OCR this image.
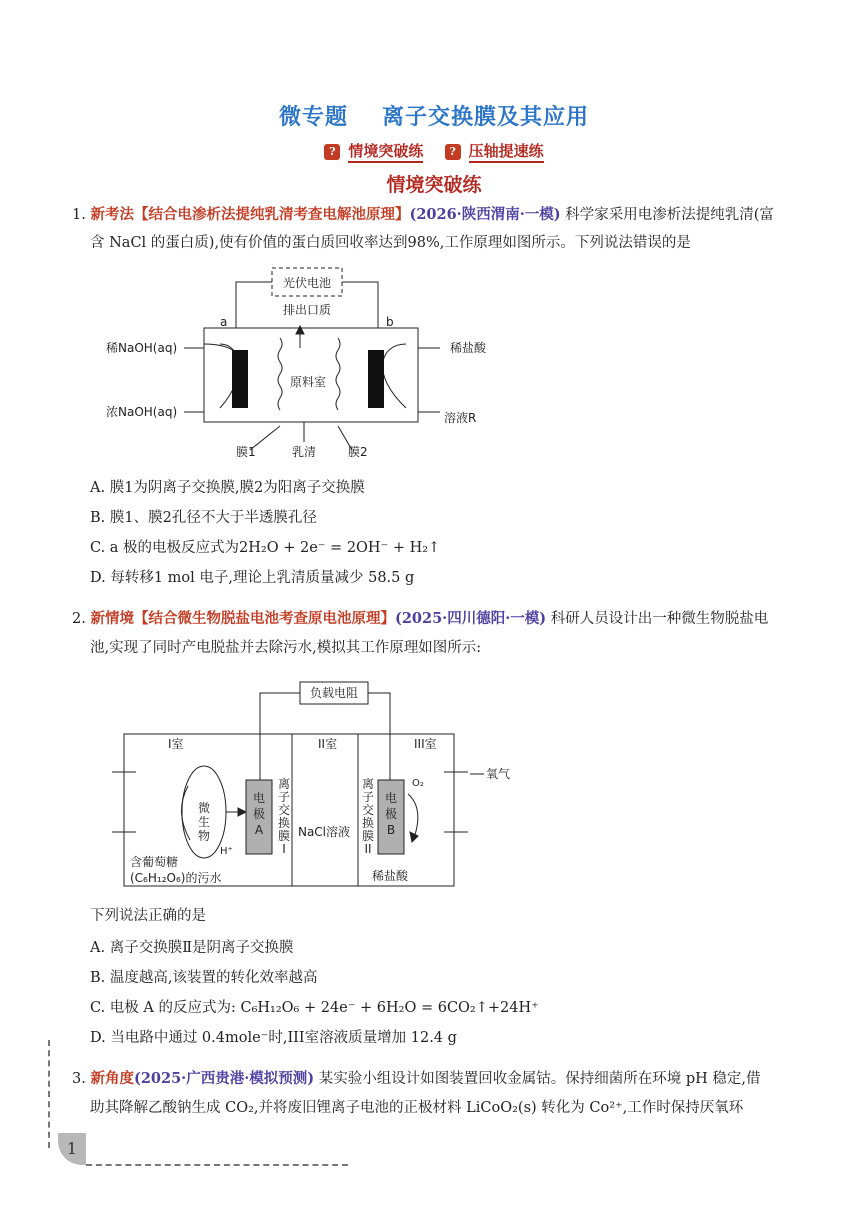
微专题 离子交换膜及其应用
? 情境突破练 ? 压轴提速练
情境突破练
1. 新考法【结合电渗析法提纯乳清考查电解池原理】(2026·陕西渭南·一模) 科学家采用电渗析法提纯乳清(富
含 NaCl 的蛋白质),使有价值的蛋白质回收率达到98%,工作原理如图所示。下列说法错误的是
光伏电池
排出口质
a	b
稀NaOH(aq)
浓NaOH(aq)
稀盐酸
溶液R
原料室
膜1	乳清	膜2
A. 膜1为阴离子交换膜,膜2为阳离子交换膜
B. 膜1、膜2孔径不大于半透膜孔径
C. a 极的电极反应式为2H₂O + 2e⁻ = 2OH⁻ + H₂↑
D. 每转移1 mol 电子,理论上乳清质量减少 58.5 g
2. 新情境【结合微生物脱盐电池考查原电池原理】(2025·四川德阳·一模) 科研人员设计出一种微生物脱盐电
池,实现了同时产电脱盐并去除污水,模拟其工作原理如图所示:
负载电阻
I室	II室	III室
氧气
O₂
微
生
物
H⁺
电
极
A
电
极
B
离
子
交
换
膜
I
离
子
交
换
膜
II
NaCl溶液
含葡萄糖
(C₆H₁₂O₆)的污水	稀盐酸
下列说法正确的是
A. 离子交换膜Ⅱ是阴离子交换膜
B. 温度越高,该装置的转化效率越高
C. 电极 A 的反应式为: C₆H₁₂O₆ + 24e⁻ + 6H₂O = 6CO₂↑+24H⁺
D. 当电路中通过 0.4mole⁻时,III室溶液质量增加 12.4 g
3. 新角度(2025·广西贵港·模拟预测) 某实验小组设计如图装置回收金属钴。保持细菌所在环境 pH 稳定,借
助其降解乙酸钠生成 CO₂,并将废旧锂离子电池的正极材料 LiCoO₂(s) 转化为 Co²⁺,工作时保持厌氧环
1
